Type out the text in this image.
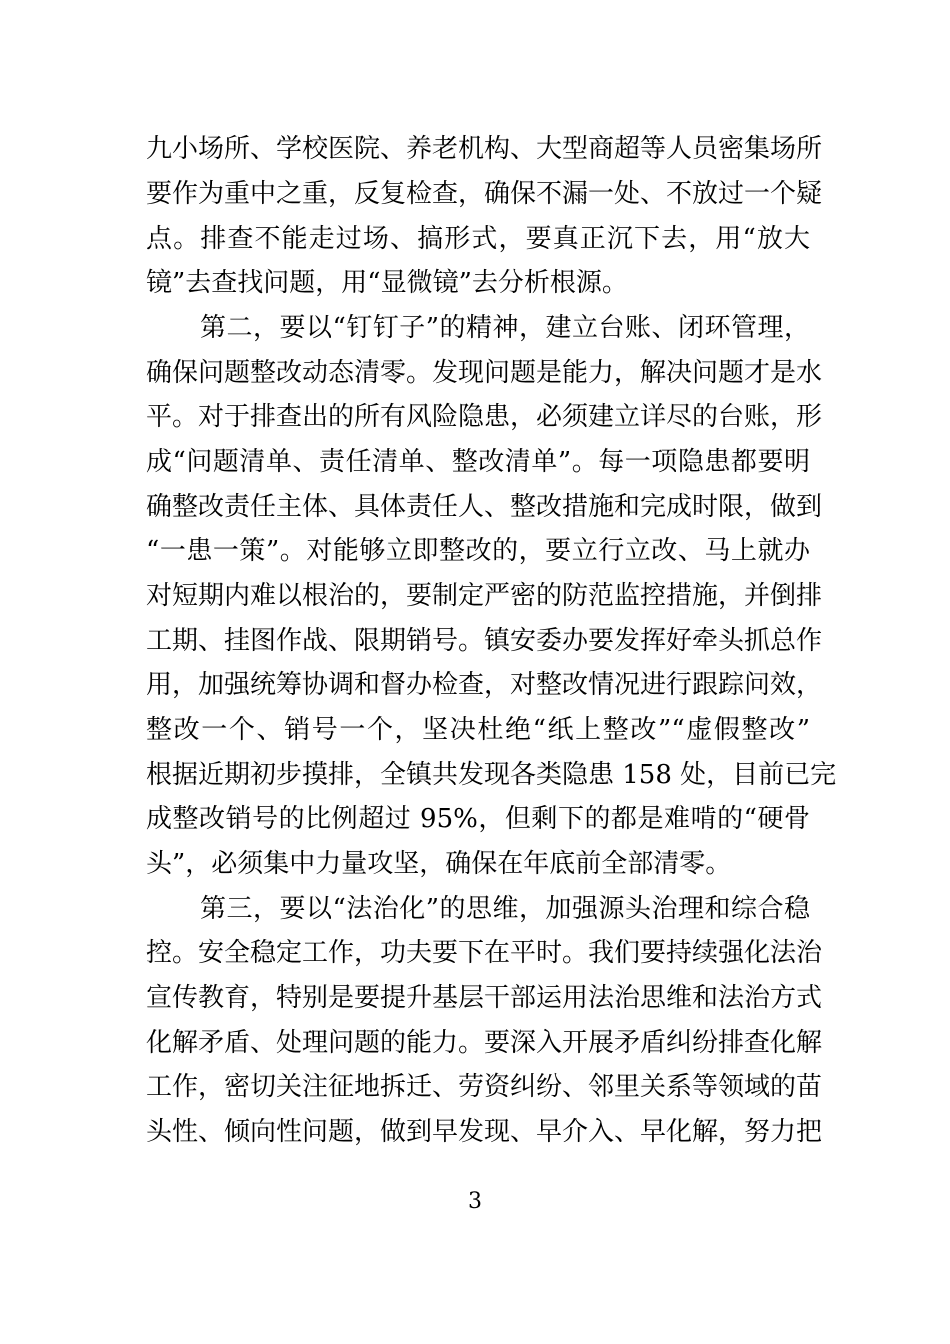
九小场所、学校医院、养老机构、大型商超等人员密集场所
要作为重中之重，反复检查，确保不漏一处、不放过一个疑
点。排查不能走过场、搞形式，要真正沉下去，用“放大
镜”去查找问题，用“显微镜”去分析根源。
第二，要以“钉钉子”的精神，建立台账、闭环管理，
确保问题整改动态清零。发现问题是能力，解决问题才是水
平。对于排查出的所有风险隐患，必须建立详尽的台账，形
成“问题清单、责任清单、整改清单”。每一项隐患都要明
确整改责任主体、具体责任人、整改措施和完成时限，做到
“一患一策”。对能够立即整改的，要立行立改、马上就办
对短期内难以根治的，要制定严密的防范监控措施，并倒排
工期、挂图作战、限期销号。镇安委办要发挥好牵头抓总作
用，加强统筹协调和督办检查，对整改情况进行跟踪问效，
整改一个、销号一个，坚决杜绝“纸上整改”“虚假整改”
根据近期初步摸排，全镇共发现各类隐患 158 处，目前已完
成整改销号的比例超过 95%，但剩下的都是难啃的“硬骨
头”，必须集中力量攻坚，确保在年底前全部清零。
第三，要以“法治化”的思维，加强源头治理和综合稳
控。安全稳定工作，功夫要下在平时。我们要持续强化法治
宣传教育，特别是要提升基层干部运用法治思维和法治方式
化解矛盾、处理问题的能力。要深入开展矛盾纠纷排查化解
工作，密切关注征地拆迁、劳资纠纷、邻里关系等领域的苗
头性、倾向性问题，做到早发现、早介入、早化解，努力把
3
